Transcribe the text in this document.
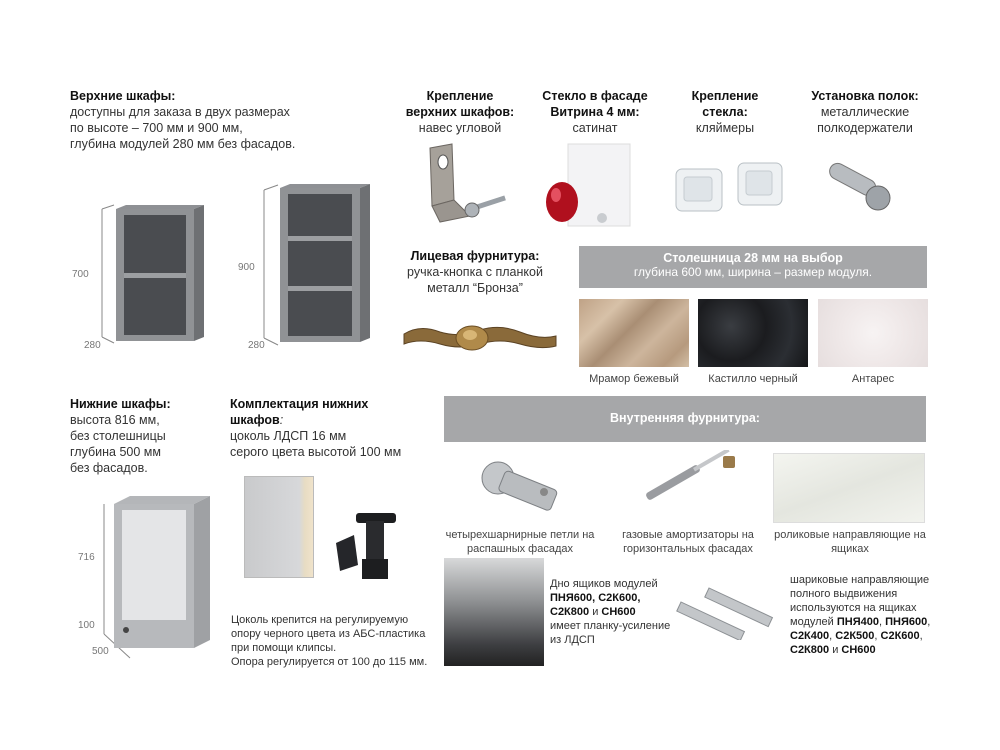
Верхние шкафы:
доступны для заказа в двух размерах
по высоте – 700 мм и 900 мм,
глубина модулей 280 мм без фасадов.
700
280
900
280
Крепление
верхних шкафов:
навес угловой
Стекло в фасаде
Витрина 4 мм:
сатинат
Крепление
стекла:
кляймеры
Установка полок:
металлические
полкодержатели
Лицевая фурнитура:
ручка-кнопка с планкой
металл “Бронза”
Столешница 28 мм на выбор
глубина 600 мм, ширина – размер модуля.
Мрамор бежевый	Кастилло черный	Антарес
Нижние шкафы:
высота 816 мм,
без столешницы
глубина 500 мм
без фасадов.
716
100
500
Комплектация нижних
шкафов:
цоколь ЛДСП 16 мм
серого цвета высотой 100 мм
Цоколь крепится на регулируемую
опору черного цвета из АБС-пластика
при помощи клипсы.
Опора регулируется от 100 до 115 мм.
Внутренняя фурнитура:
четырехшарнирные петли на
распашных фасадах
газовые амортизаторы на
горизонтальных фасадах
роликовые направляющие на
ящиках
Дно ящиков модулей
ПНЯ600, С2К600,
С2К800 и СН600
имеет планку-усиление
из ЛДСП
шариковые направляющие
полного выдвижения
используются на ящиках
модулей ПНЯ400, ПНЯ600,
С2К400, С2К500, С2К600,
С2К800 и СН600
